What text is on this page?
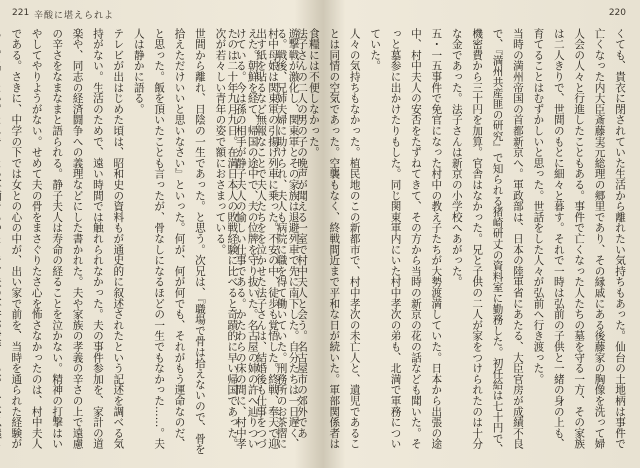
221 辛酸に堪えられよ
法子さんの二人の男の子の晩声が聞える一室で村中夫人と会う。名古屋市の郊外である。戦後、兄姉夫婦に助けられ、夫人も病院に職を得て働いていた。刑務所のお茶摺に出す紙を貼るなど無報なことで夫人たちをを泣かせた法子さんは、結婚後も仕事をつづけている。今は孫の相手が静子夫人の愉しい仕事である。かたわらの床の間に、村中孝次が若々しい青年の姿で額におさまっている。
世間から離れ、日陰の一生であった。と思う。次兄は、『職場で骨は拾えないので、骨を拾えただけいいと思いなさい』といった。何が、何が何でも、それがもう運命なのだ、と思った。飯を頂いたことも言ったが、骨なしになるほどの一生でもなかった……。夫人は静かに語る。
テレビが出はじめた頃は、昭和史の資料もが通史的に叙述されたという記述を調べる気持がない。生活のためで、遠い時間では触れられなかった。夫の事件参加を、家計の道楽や、同志の経済闘争への義理などにした書かれた。夫や家族の孝義の辛さの上で遠慮の辛さをなまなまと語られる。静子夫人は寿命の経ることを泣かない。精神の打撃はいやしてやりようがない。せめて夫の骨をまさぐりたさ心を怖さなかったのは、村中夫人である。さきに、中学の下では女との心の中が、出い家で前を、当時を通られた経験が

220
くても、貴衣に閉されていた生活から離れたい気持ちもあった。仙台の土地柄は事件で亡くなった内大臣斎藤実元総理の郷里であり、その縁戚にある後藤家の胸像を洗って婦人会の人々と行進したこともある。事件で亡くなった人たちの墓を守る一方、その家族は二人きりで、世間のもとに細々と暮す。それで一時は弘前の子供と一緒の身の上も、育てることはむずかしいと思った。世話をした人々が弘前へ行き渡った。
当時の満州帝国の首都新京へ。軍政部は、日本の陸軍省にあたる、大臣官房が成績不良で、『満州共産匪の研究』で知られる猪崎研丈の資料室に勤務した。初任給は七十円で、機密費から三十円を加算。官舎はなかった。兄と子供の二人が家をつけられたのは十分な金であった。法子さんは新京の小学校へあがった。
五・一五事件で免官になった村中の教え子たちが大勢渡満していた。日本から出張の途中、村中夫人の安否をたずねてきて、その方から当時の新京の花の話なども聞いた。そっと墓参に出かけたりもした。同じ関東軍内にいた村中孝次の弟も、北満で軍務についていた。
人々の気持ちもなかった。植民地のこの新都市で、村中孝次の未亡人と、遺児であることは同情の空気であった。空襲もなく、終戦間近まで平和な日が続いた。軍部関係者は食糧には不便しなかった。
遊撃戦が激化し、関東軍とその家族は退避列車で先に南下した。自分たちは一日遅く、村中母娘は関東軍の引揚げ列車に乗った。不安の中、徒歩も覚悟した。終戦、奉天で迎えた。朝鮮を経て、帰国の途中で、夫の位牌を守り抜いた。名古屋の姉の許へ辿りついたのは二十年九月九日。在満日本人の敗戦経験に比べると奇蹟的に早い帰国であった。
